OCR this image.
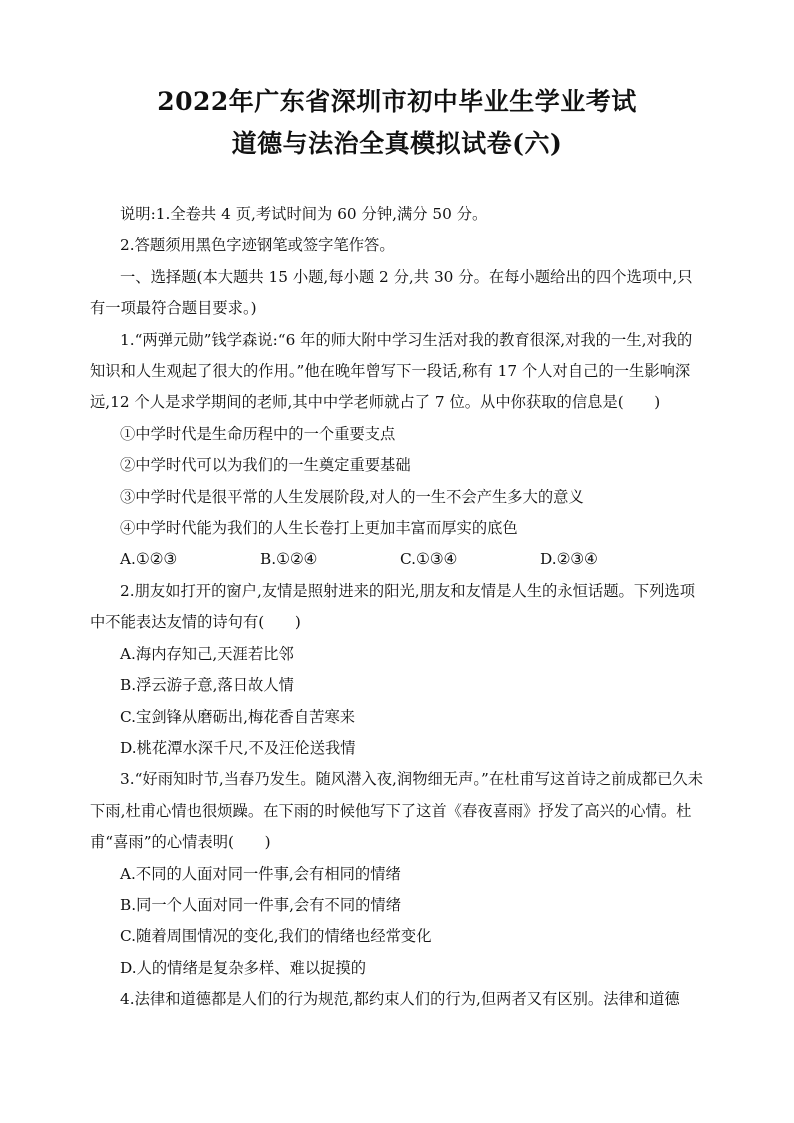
2022年广东省深圳市初中毕业生学业考试
道德与法治全真模拟试卷(六)

说明:1.全卷共 4 页,考试时间为 60 分钟,满分 50 分。

2.答题须用黑色字迹钢笔或签字笔作答。

一、选择题(本大题共 15 小题,每小题 2 分,共 30 分。在每小题给出的四个选项中,只有一项最符合题目要求。)

1.“两弹元勋”钱学森说:“6 年的师大附中学习生活对我的教育很深,对我的一生,对我的知识和人生观起了很大的作用。”他在晚年曾写下一段话,称有 17 个人对自己的一生影响深远,12 个人是求学期间的老师,其中中学老师就占了 7 位。从中你获取的信息是(　　)

①中学时代是生命历程中的一个重要支点

②中学时代可以为我们的一生奠定重要基础

③中学时代是很平常的人生发展阶段,对人的一生不会产生多大的意义

④中学时代能为我们的人生长卷打上更加丰富而厚实的底色

A.①②③	B.①②④	C.①③④	D.②③④

2.朋友如打开的窗户,友情是照射进来的阳光,朋友和友情是人生的永恒话题。下列选项中不能表达友情的诗句有(　　)

A.海内存知己,天涯若比邻

B.浮云游子意,落日故人情

C.宝剑锋从磨砺出,梅花香自苦寒来

D.桃花潭水深千尺,不及汪伦送我情

3.“好雨知时节,当春乃发生。随风潜入夜,润物细无声。”在杜甫写这首诗之前成都已久未下雨,杜甫心情也很烦躁。在下雨的时候他写下了这首《春夜喜雨》抒发了高兴的心情。杜甫“喜雨”的心情表明(　　)

A.不同的人面对同一件事,会有相同的情绪

B.同一个人面对同一件事,会有不同的情绪

C.随着周围情况的变化,我们的情绪也经常变化

D.人的情绪是复杂多样、难以捉摸的

4.法律和道德都是人们的行为规范,都约束人们的行为,但两者又有区别。法律和道德
